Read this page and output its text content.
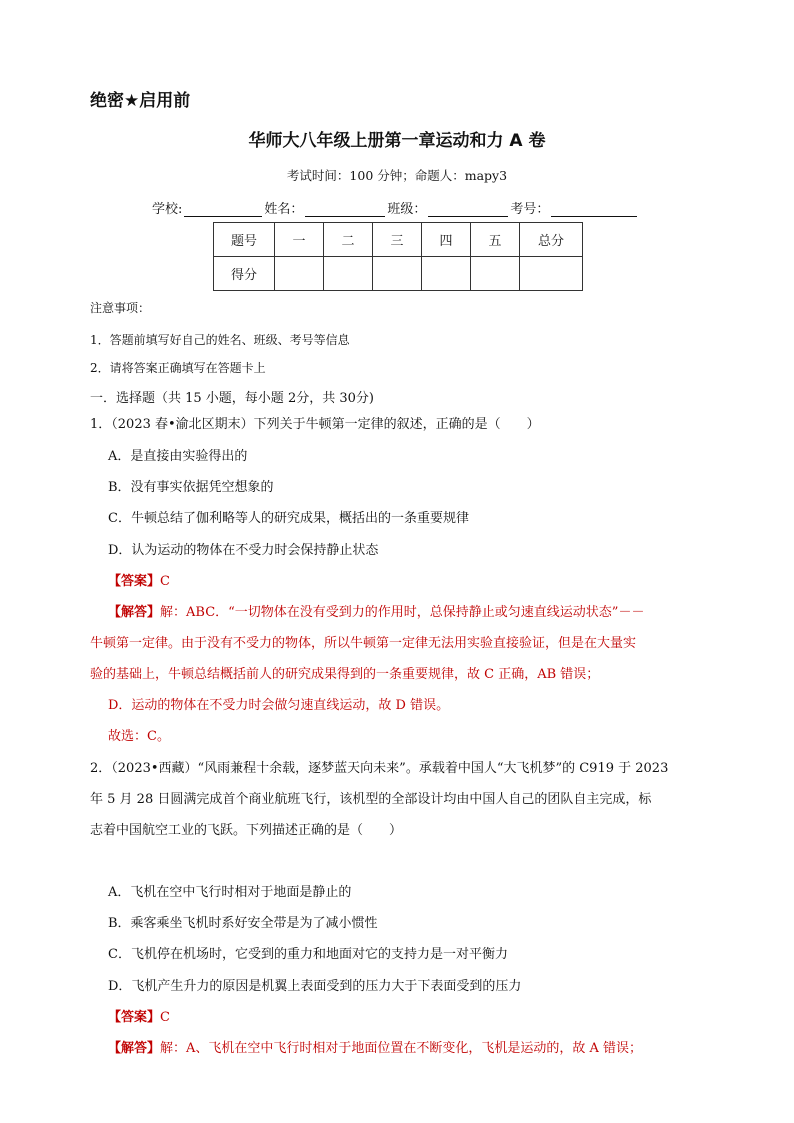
绝密★启用前
华师大八年级上册第一章运动和力 A 卷
考试时间：100 分钟；命题人：mapy3
学校:	姓名：	班级：	考号：
题号	一	二	三	四	五	总分
得分						
注意事项：
1．答题前填写好自己的姓名、班级、考号等信息
2．请将答案正确填写在答题卡上
一．选择题（共 15 小题，每小题 2分，共 30分)
1．（2023 春•渝北区期末）下列关于牛顿第一定律的叙述，正确的是（　　）
A．是直接由实验得出的
B．没有事实依据凭空想象的
C．牛顿总结了伽利略等人的研究成果，概括出的一条重要规律
D．认为运动的物体在不受力时会保持静止状态
【答案】C
【解答】解：ABC．“一切物体在没有受到力的作用时，总保持静止或匀速直线运动状态”－－
牛顿第一定律。由于没有不受力的物体，所以牛顿第一定律无法用实验直接验证，但是在大量实
验的基础上，牛顿总结概括前人的研究成果得到的一条重要规律，故 C 正确，AB 错误；
D．运动的物体在不受力时会做匀速直线运动，故 D 错误。
故选：C。
2．（2023•西藏）“风雨兼程十余载，逐梦蓝天向未来”。承载着中国人“大飞机梦”的 C919 于 2023
年 5 月 28 日圆满完成首个商业航班飞行，该机型的全部设计均由中国人自己的团队自主完成，标
志着中国航空工业的飞跃。下列描述正确的是（　　）
A．飞机在空中飞行时相对于地面是静止的
B．乘客乘坐飞机时系好安全带是为了减小惯性
C．飞机停在机场时，它受到的重力和地面对它的支持力是一对平衡力
D．飞机产生升力的原因是机翼上表面受到的压力大于下表面受到的压力
【答案】C
【解答】解：A、飞机在空中飞行时相对于地面位置在不断变化，飞机是运动的，故 A 错误；
